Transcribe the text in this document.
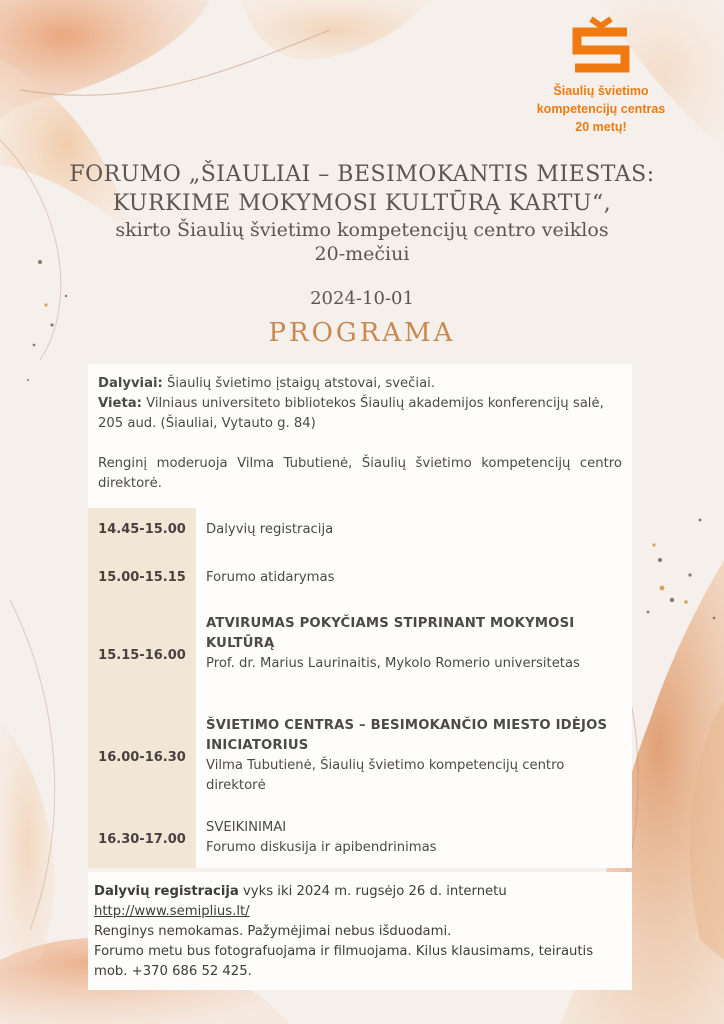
Šiaulių švietimo
kompetencijų centras
20 metų!
FORUMO „ŠIAULIAI – BESIMOKANTIS MIESTAS:
KURKIME MOKYMOSI KULTŪRĄ KARTU“,
skirto Šiaulių švietimo kompetencijų centro veiklos
20-mečiui
2024-10-01
PROGRAMA

Dalyviai: Šiaulių švietimo įstaigų atstovai, svečiai.

Vieta: Vilniaus universiteto bibliotekos Šiaulių akademijos konferencijų salė, 205 aud. (Šiauliai, Vytauto g. 84)

Renginį moderuoja Vilma Tubutienė, Šiaulių švietimo kompetencijų centro direktorė.

14.45-15.00	Dalyvių registracija
15.00-15.15	Forumo atidarymas
15.15-16.00
ATVIRUMAS POKYČIAMS STIPRINANT MOKYMOSI KULTŪRĄ
Prof. dr. Marius Laurinaitis, Mykolo Romerio universitetas
16.00-16.30
ŠVIETIMO CENTRAS – BESIMOKANČIO MIESTO IDĖJOS INICIATORIUS
Vilma Tubutienė, Šiaulių švietimo kompetencijų centro direktorė
16.30-17.00
SVEIKINIMAI
Forumo diskusija ir apibendrinimas

Dalyvių registracija vyks iki 2024 m. rugsėjo 26 d. internetu

http://www.semiplius.lt/

Renginys nemokamas. Pažymėjimai nebus išduodami.

Forumo metu bus fotografuojama ir filmuojama. Kilus klausimams, teirautis mob. +370 686 52 425.
